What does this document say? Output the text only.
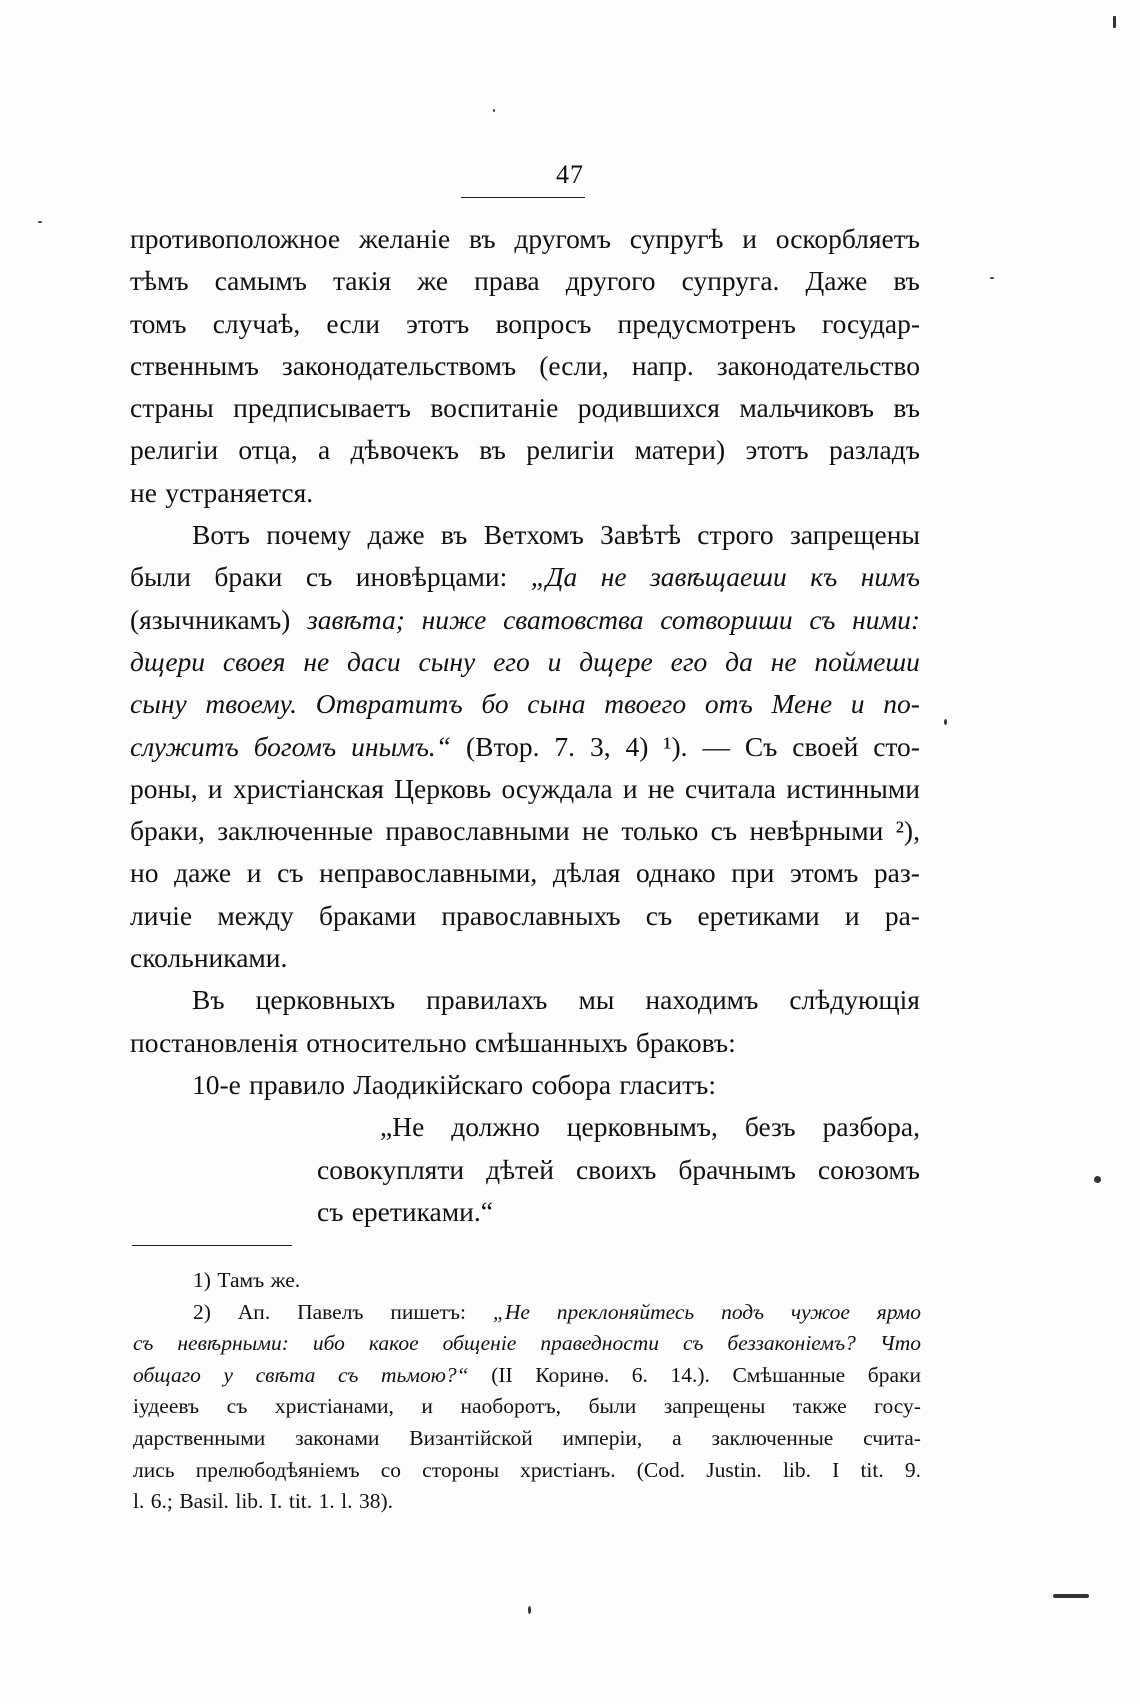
47
противоположное желаніе въ другомъ супругѣ и оскорбляетъ
тѣмъ самымъ такія же права другого супруга. Даже въ
томъ случаѣ, если этотъ вопросъ предусмотренъ государ-
ственнымъ законодательствомъ (если, напр. законодательство
страны предписываетъ воспитаніе родившихся мальчиковъ въ
религіи отца, а дѣвочекъ въ религіи матери) этотъ разладъ
не устраняется.
Вотъ почему даже въ Ветхомъ Завѣтѣ строго запрещены
были браки съ иновѣрцами: „Да не завѣщаеши къ нимъ
(язычникамъ) завѣта; ниже сватовства сотвориши съ ними:
дщери своея не даси сыну его и дщере его да не поймеши
сыну твоему. Отвратитъ бо сына твоего отъ Мене и по-
служитъ богомъ инымъ.“ (Втор. 7. 3, 4) ¹). — Съ своей сто-
роны, и христіанская Церковь осуждала и не считала истинными
браки, заключенные православными не только съ невѣрными ²),
но даже и съ неправославными, дѣлая однако при этомъ раз-
личіе между браками православныхъ съ еретиками и ра-
скольниками.
Въ церковныхъ правилахъ мы находимъ слѣдующія
постановленія относительно смѣшанныхъ браковъ:
10-е правило Лаодикійскаго собора гласитъ:
„Не должно церковнымъ, безъ разбора,
совокупляти дѣтей своихъ брачнымъ союзомъ
съ еретиками.“
1) Тамъ же.
2) Ап. Павелъ пишетъ: „Не преклоняйтесь подъ чужое ярмо
съ невѣрными: ибо какое общеніе праведности съ беззаконіемъ? Что
общаго у свѣта съ тьмою?“ (II Коринѳ. 6. 14.). Смѣшанные браки
іудеевъ съ христіанами, и наоборотъ, были запрещены также госу-
дарственными законами Византійской имперіи, а заключенные счита-
лись прелюбодѣяніемъ со стороны христіанъ. (Cod. Justin. lib. I tit. 9.
l. 6.; Basil. lib. I. tit. 1. l. 38).
